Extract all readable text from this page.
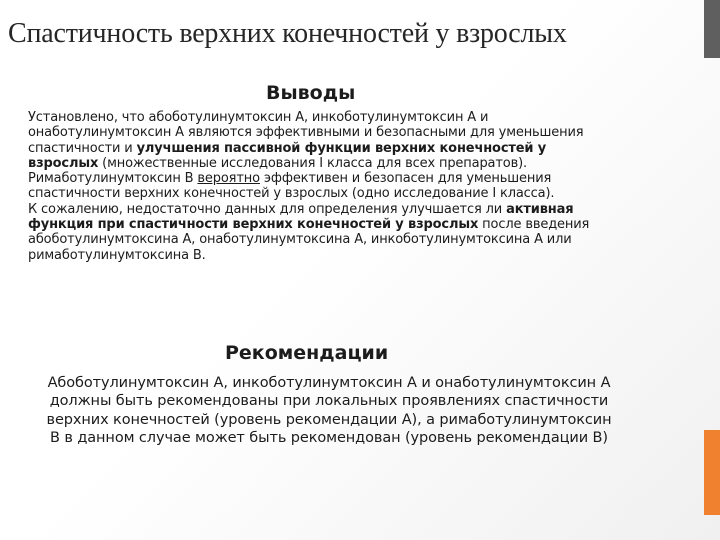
Спастичность верхних конечностей у взрослых
Выводы

Установлено, что абоботулинумтоксин А, инкоботулинумтоксин А и онаботулинумтоксин А являются эффективными и безопасными для уменьшения спастичности и улучшения пассивной функции верхних конечностей у взрослых (множественные исследования I класса для всех препаратов). Римаботулинумтоксин В вероятно эффективен и безопасен для уменьшения спастичности верхних конечностей у взрослых (одно исследование I класса).

К сожалению, недостаточно данных для определения улучшается ли активная функция при спастичности верхних конечностей у взрослых после введения абоботулинумтоксина А, онаботулинумтоксина А, инкоботулинумтоксина А или римаботулинумтоксина В.

Рекомендации
Абоботулинумтоксин А, инкоботулинумтоксин А и онаботулинумтоксин А должны быть рекомендованы при локальных проявлениях спастичности верхних конечностей (уровень рекомендации А), а римаботулинумтоксин В в данном случае может быть рекомендован (уровень рекомендации В)
